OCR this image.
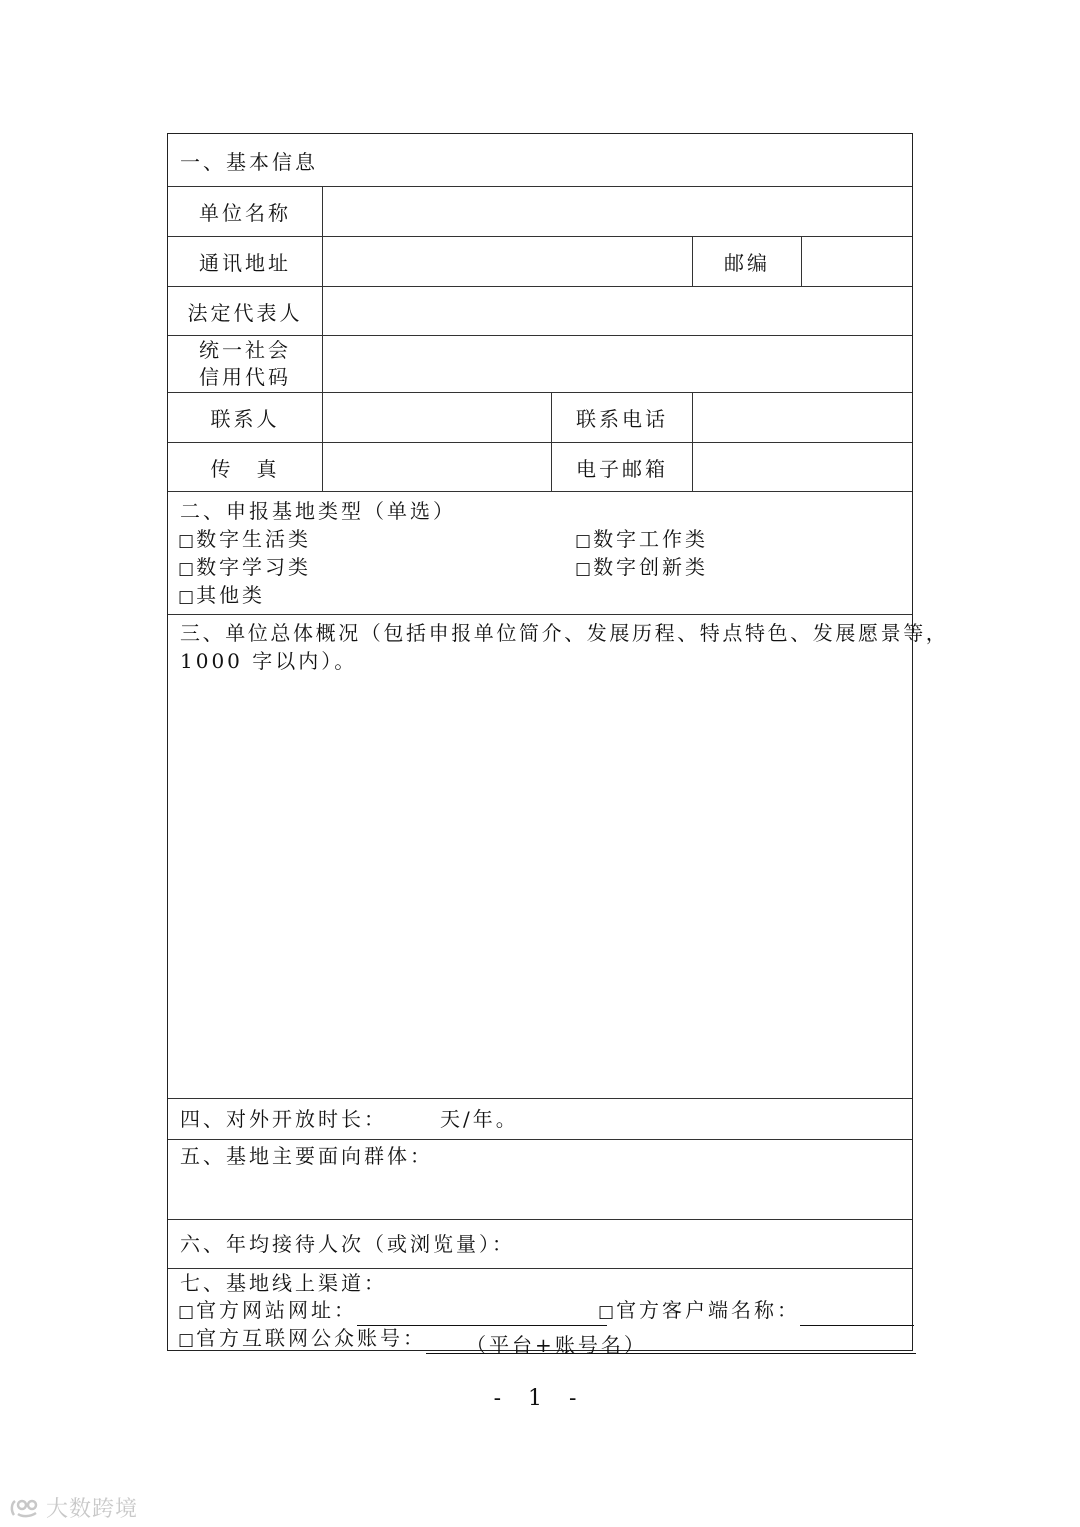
一、基本信息
单位名称
通讯地址	邮编
法定代表人
统一社会
信用代码
联系人	联系电话
传　真	电子邮箱
二、申报基地类型（单选）
□ 数字生活类	□ 数字工作类
□ 数字学习类	□ 数字创新类
□ 其他类
三、单位总体概况（包括申报单位简介、发展历程、特点特色、发展愿景等，
1000 字以内）。
四、对外开放时长：	天/年。
五、基地主要面向群体：
六、年均接待人次（或浏览量）：
七、基地线上渠道：
□ 官方网站网址：	□ 官方客户端名称：
□ 官方互联网公众账号： （平台+账号名）
- 1 -
大数跨境
